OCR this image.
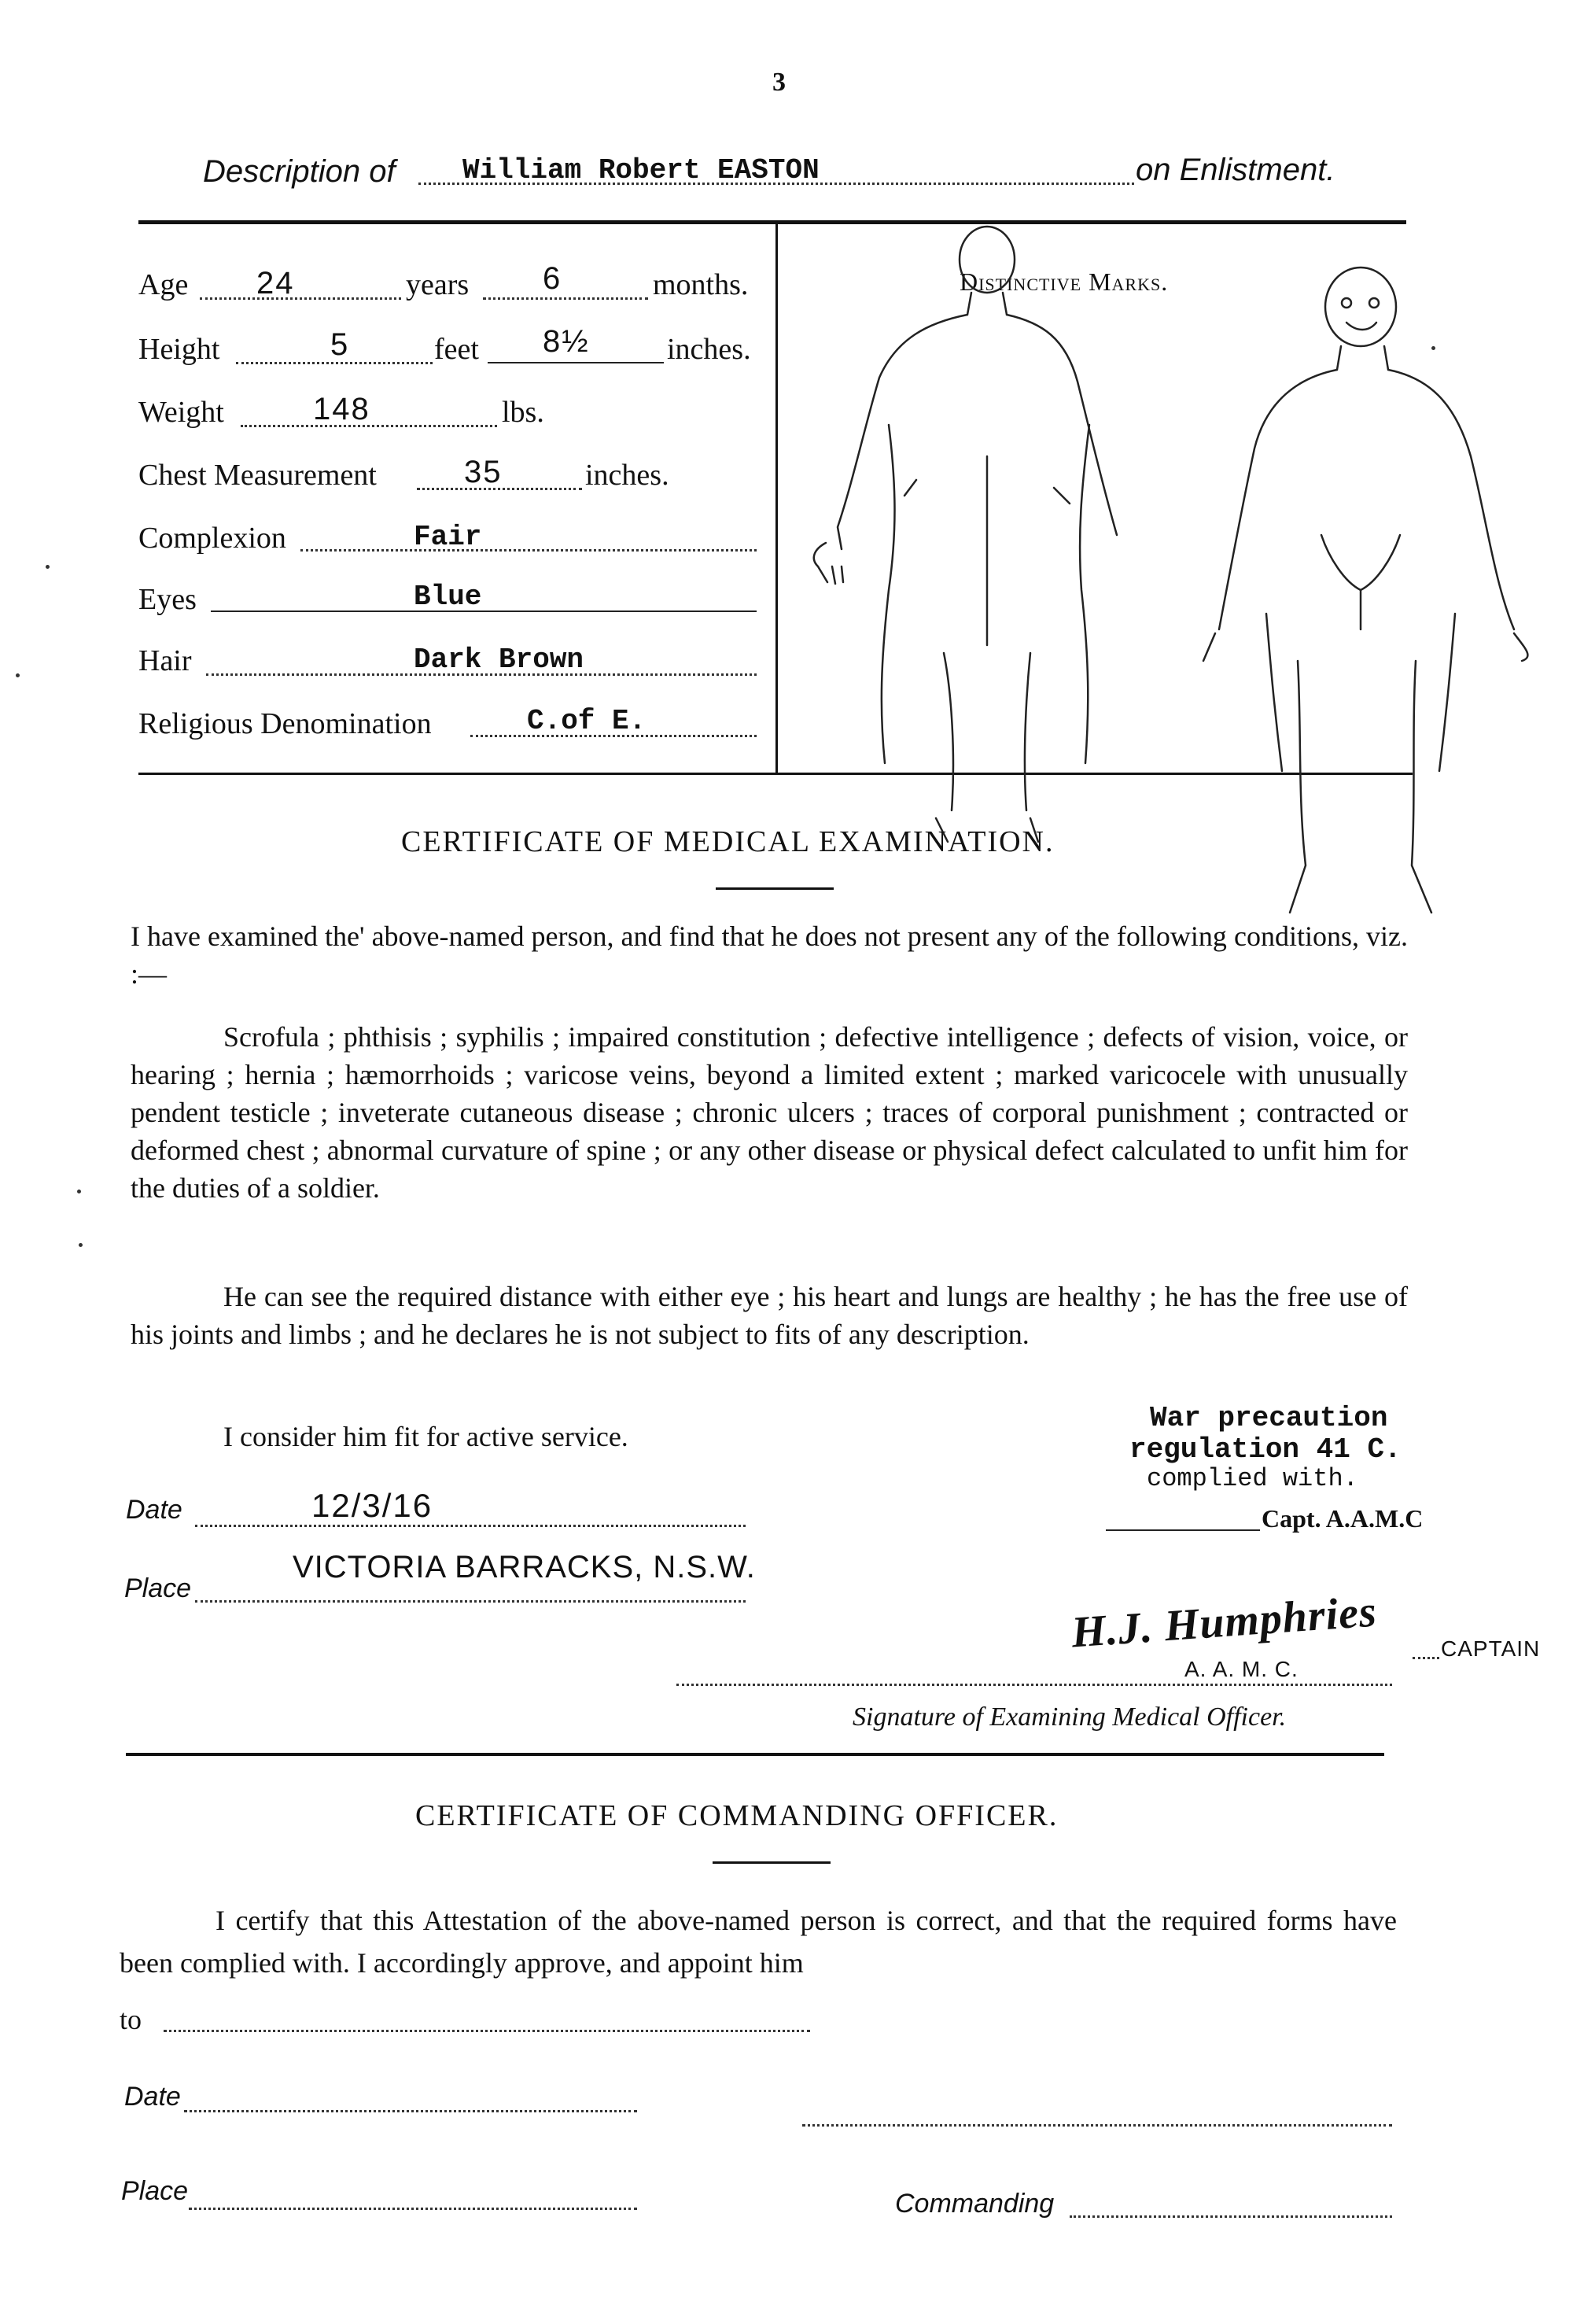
3
Description of William Robert EASTON	on Enlistment.
Age 24	years 6	months.
Height	5	feet 8½	inches.
Weight	148	lbs.
Chest Measurement	35	inches.
Complexion	Fair
Eyes	Blue
Hair	Dark Brown
Religious Denomination	C.of E.
Distinctive Marks.
CERTIFICATE OF MEDICAL EXAMINATION.
I have examined the' above-named person, and find that he does not present any of the following conditions, viz. :—
Scrofula ; phthisis ; syphilis ; impaired constitution ; defective intelligence ; defects of vision, voice, or hearing ; hernia ; hæmorrhoids ; varicose veins, beyond a limited extent ; marked varicocele with unusually pendent testicle ; inveterate cutaneous disease ; chronic ulcers ; traces of corporal punishment ; contracted or deformed chest ; abnormal curvature of spine ; or any other disease or physical defect calculated to unfit him for the duties of a soldier.
He can see the required distance with either eye ; his heart and lungs are healthy ; he has the free use of his joints and limbs ; and he declares he is not subject to fits of any description.
I consider him fit for active service.
War precaution
regulation 41 C.
complied with.
Capt. A.A.M.C
Date	12/3/16
Place
VICTORIA BARRACKS, N.S.W.
H.J. Humphries	CAPTAIN
A. A. M. C.
Signature of Examining Medical Officer.
CERTIFICATE OF COMMANDING OFFICER.
I certify that this Attestation of the above-named person is correct, and that the required forms have been complied with. I accordingly approve, and appoint him
to
Date
Place	Commanding
